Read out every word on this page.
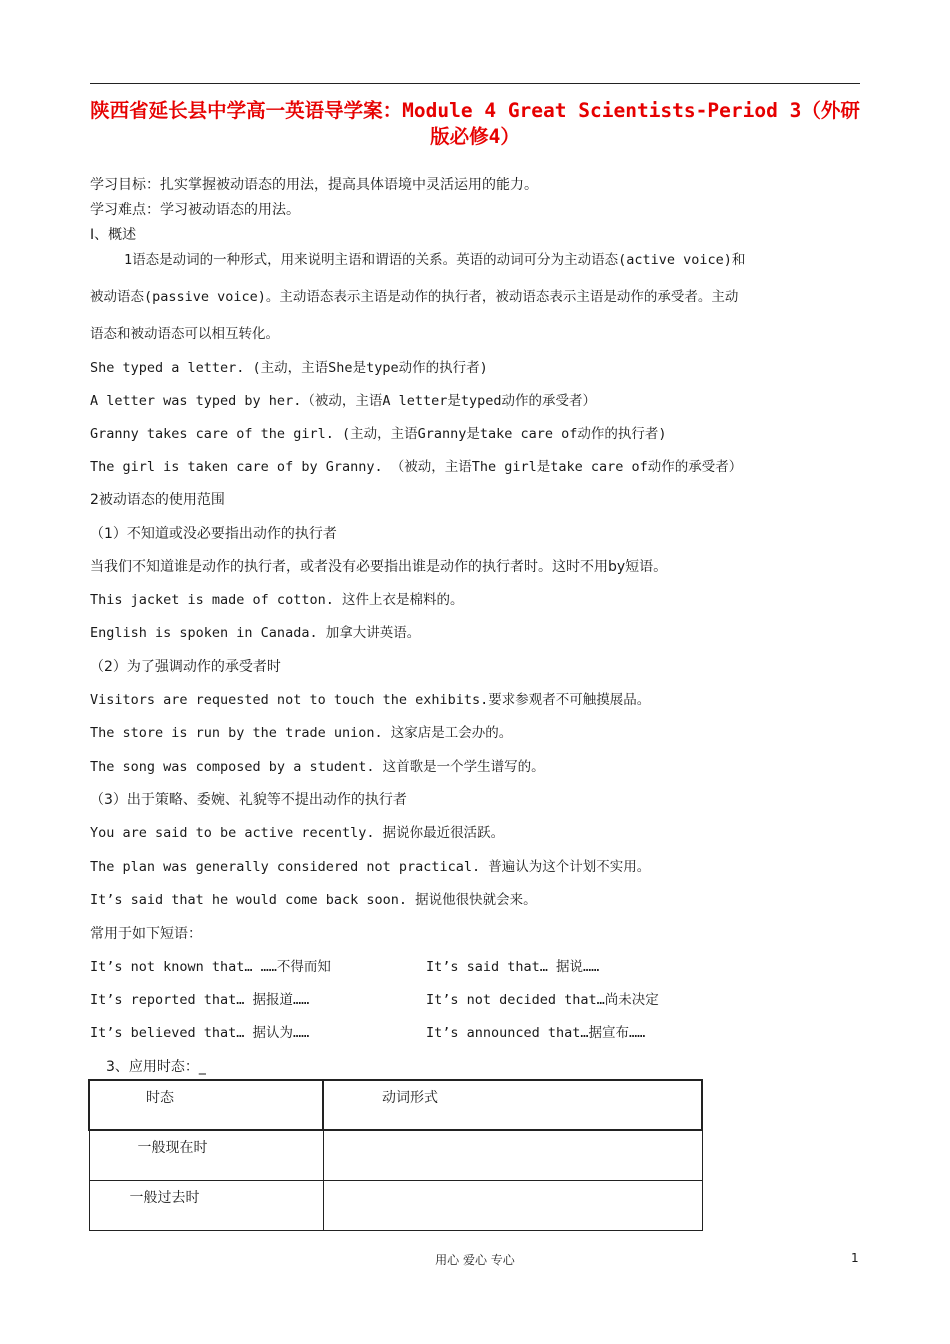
陕西省延长县中学高一英语导学案：Module 4 Great Scientists-Period 3（外研版必修4）
学习目标：扎实掌握被动语态的用法，提高具体语境中灵活运用的能力。
学习难点：学习被动语态的用法。
Ⅰ、概述
1语态是动词的一种形式，用来说明主语和谓语的关系。英语的动词可分为主动语态(active voice)和
被动语态(passive voice)。主动语态表示主语是动作的执行者，被动语态表示主语是动作的承受者。主动
语态和被动语态可以相互转化。
She typed a letter. (主动，主语She是type动作的执行者)
A letter was typed by her.（被动，主语A letter是typed动作的承受者）
Granny takes care of the girl. (主动，主语Granny是take care of动作的执行者)
The girl is taken care of by Granny. （被动，主语The girl是take care of动作的承受者）
2被动语态的使用范围
（1）不知道或没必要指出动作的执行者
当我们不知道谁是动作的执行者，或者没有必要指出谁是动作的执行者时。这时不用by短语。
This jacket is made of cotton. 这件上衣是棉料的。
English is spoken in Canada. 加拿大讲英语。
（2）为了强调动作的承受者时
Visitors are requested not to touch the exhibits.要求参观者不可触摸展品。
The store is run by the trade union. 这家店是工会办的。
The song was composed by a student. 这首歌是一个学生谱写的。
（3）出于策略、委婉、礼貌等不提出动作的执行者
You are said to be active recently. 据说你最近很活跃。
The plan was generally considered not practical. 普遍认为这个计划不实用。
It’s said that he would come back soon. 据说他很快就会来。
常用于如下短语：
It’s not known that… ……不得而知	It’s said that… 据说……
It’s reported that… 据报道……	It’s not decided that…尚未决定
It’s believed that… 据认为……	It’s announced that…据宣布……
3、应用时态：_
时态	动词形式
一般现在时	
一般过去时	
用心 爱心 专心	1
